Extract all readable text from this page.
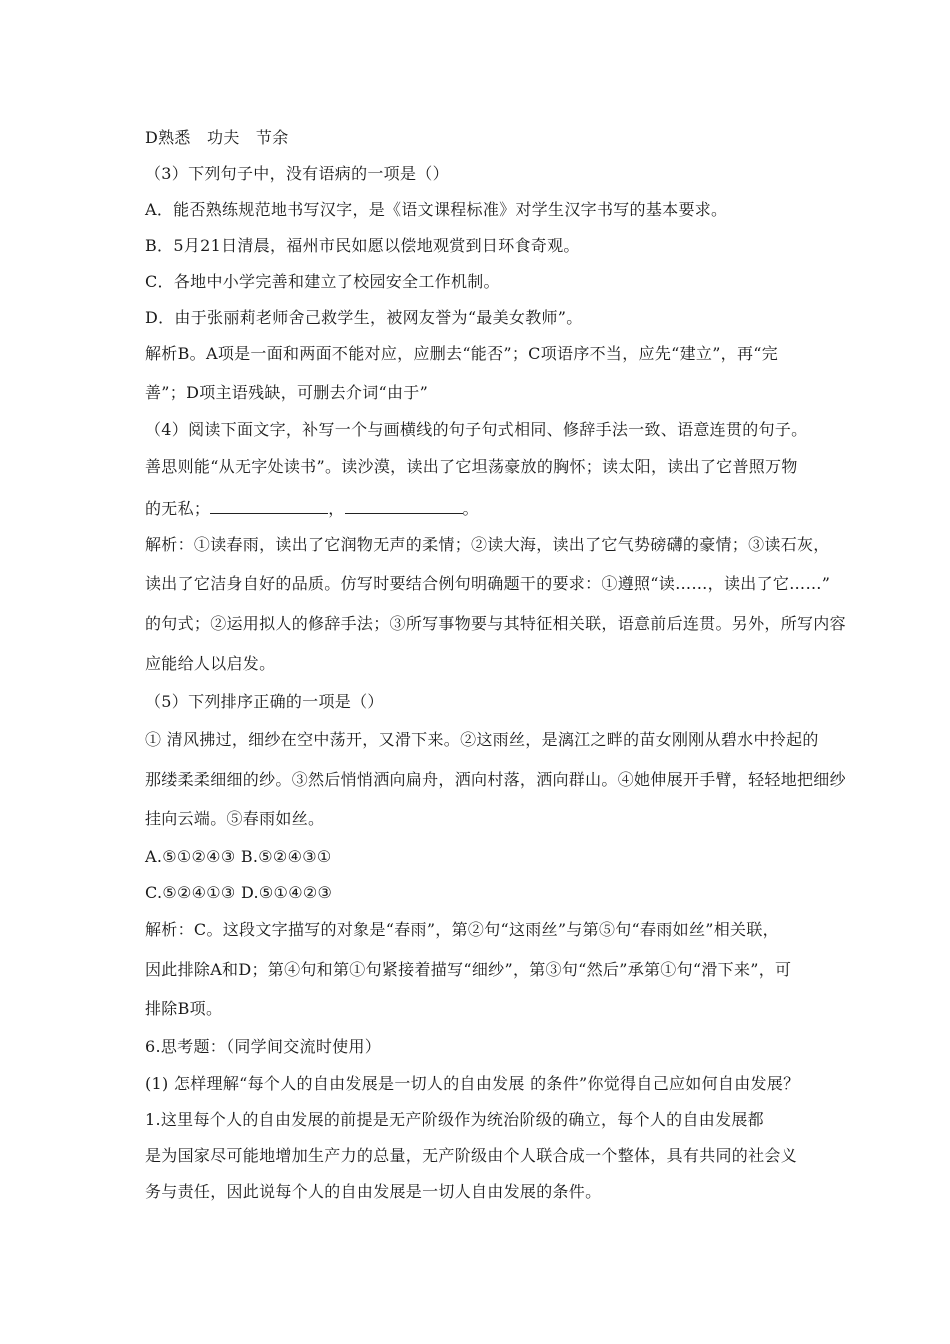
D熟悉　功夫　节余
（3）下列句子中，没有语病的一项是（）
A．能否熟练规范地书写汉字，是《语文课程标准》对学生汉字书写的基本要求。
B．5月21日清晨，福州市民如愿以偿地观赏到日环食奇观。
C．各地中小学完善和建立了校园安全工作机制。
D．由于张丽莉老师舍己救学生，被网友誉为“最美女教师”。
解析B。A项是一面和两面不能对应，应删去“能否”；C项语序不当，应先“建立”，再“完
善”；D项主语残缺，可删去介词“由于”
（4）阅读下面文字，补写一个与画横线的句子句式相同、修辞手法一致、语意连贯的句子。
善思则能“从无字处读书”。读沙漠，读出了它坦荡豪放的胸怀；读太阳，读出了它普照万物
的无私；	，	。
解析：①读春雨，读出了它润物无声的柔情；②读大海，读出了它气势磅礴的豪情；③读石灰，
读出了它洁身自好的品质。仿写时要结合例句明确题干的要求：①遵照“读……，读出了它……”
的句式；②运用拟人的修辞手法；③所写事物要与其特征相关联，语意前后连贯。另外，所写内容
应能给人以启发。
（5）下列排序正确的一项是（）
① 清风拂过，细纱在空中荡开，又滑下来。②这雨丝，是漓江之畔的苗女刚刚从碧水中拎起的
那缕柔柔细细的纱。③然后悄悄洒向扁舟，洒向村落，洒向群山。④她伸展开手臂，轻轻地把细纱
挂向云端。⑤春雨如丝。
A.⑤①②④③ B.⑤②④③①
C.⑤②④①③ D.⑤①④②③
解析：C。这段文字描写的对象是“春雨”，第②句“这雨丝”与第⑤句“春雨如丝”相关联，
因此排除A和D；第④句和第①句紧接着描写“细纱”，第③句“然后”承第①句“滑下来”，可
排除B项。
6.思考题：（同学间交流时使用）
(1) 怎样理解“每个人的自由发展是一切人的自由发展 的条件”你觉得自己应如何自由发展？
1.这里每个人的自由发展的前提是无产阶级作为统治阶级的确立，每个人的自由发展都
是为国家尽可能地增加生产力的总量，无产阶级由个人联合成一个整体，具有共同的社会义
务与责任，因此说每个人的自由发展是一切人自由发展的条件。
